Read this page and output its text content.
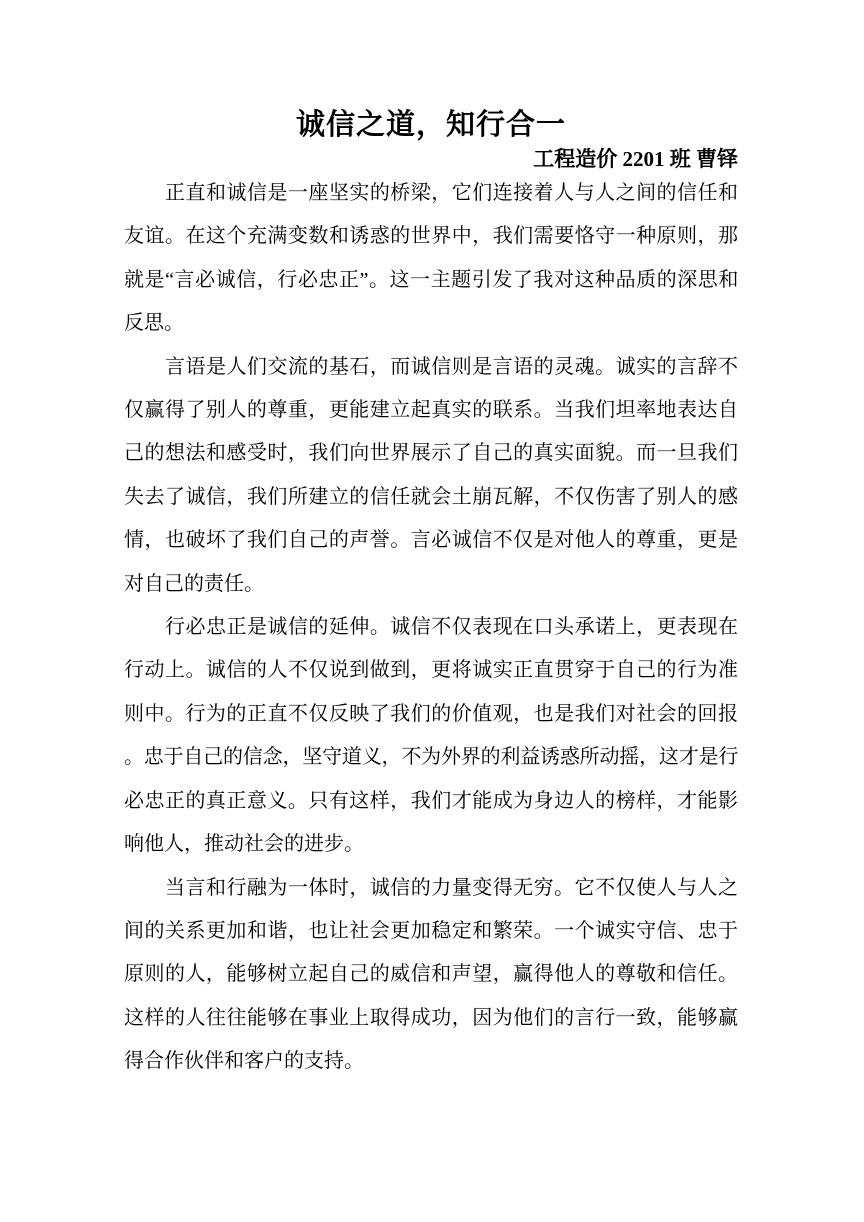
诚信之道，知行合一
工程造价 2201 班 曹铎
正直和诚信是一座坚实的桥梁，它们连接着人与人之间的信任和
友谊。在这个充满变数和诱惑的世界中，我们需要恪守一种原则，那
就是“言必诚信，行必忠正”。这一主题引发了我对这种品质的深思和
反思。
言语是人们交流的基石，而诚信则是言语的灵魂。诚实的言辞不
仅赢得了别人的尊重，更能建立起真实的联系。当我们坦率地表达自
己的想法和感受时，我们向世界展示了自己的真实面貌。而一旦我们
失去了诚信，我们所建立的信任就会土崩瓦解，不仅伤害了别人的感
情，也破坏了我们自己的声誉。言必诚信不仅是对他人的尊重，更是
对自己的责任。
行必忠正是诚信的延伸。诚信不仅表现在口头承诺上，更表现在
行动上。诚信的人不仅说到做到，更将诚实正直贯穿于自己的行为准
则中。行为的正直不仅反映了我们的价值观，也是我们对社会的回报
。忠于自己的信念，坚守道义，不为外界的利益诱惑所动摇，这才是行
必忠正的真正意义。只有这样，我们才能成为身边人的榜样，才能影
响他人，推动社会的进步。
当言和行融为一体时，诚信的力量变得无穷。它不仅使人与人之
间的关系更加和谐，也让社会更加稳定和繁荣。一个诚实守信、忠于
原则的人，能够树立起自己的威信和声望，赢得他人的尊敬和信任。
这样的人往往能够在事业上取得成功，因为他们的言行一致，能够赢
得合作伙伴和客户的支持。
